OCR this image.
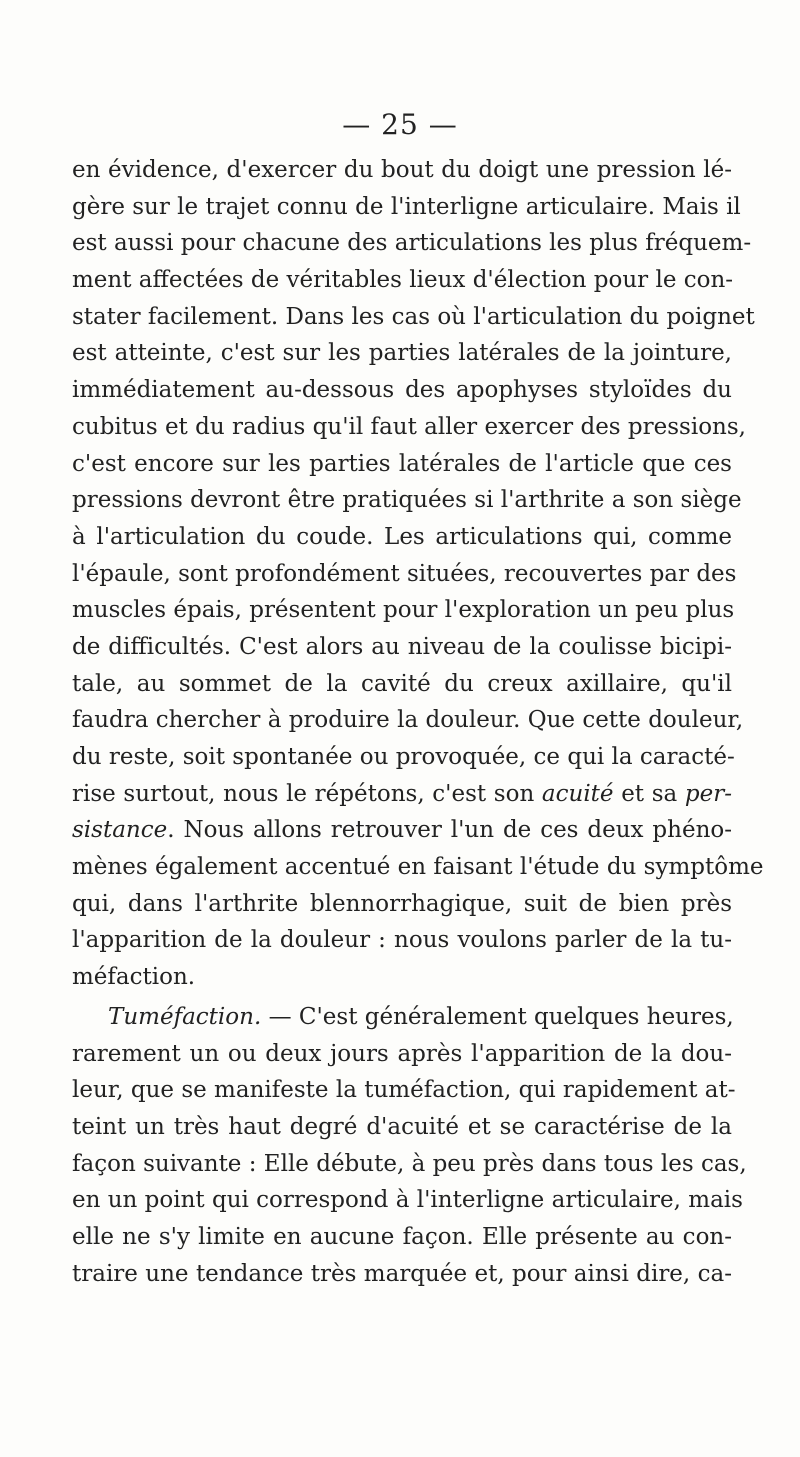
— 25 —
en évidence, d'exercer du bout du doigt une pression lé-
gère sur le trajet connu de l'interligne articulaire. Mais il
est aussi pour chacune des articulations les plus fréquem-
ment affectées de véritables lieux d'élection pour le con-
stater facilement. Dans les cas où l'articulation du poignet
est atteinte, c'est sur les parties latérales de la jointure,
immédiatement au-dessous des apophyses styloïdes du
cubitus et du radius qu'il faut aller exercer des pressions,
c'est encore sur les parties latérales de l'article que ces
pressions devront être pratiquées si l'arthrite a son siège
à l'articulation du coude. Les articulations qui, comme
l'épaule, sont profondément situées, recouvertes par des
muscles épais, présentent pour l'exploration un peu plus
de difficultés. C'est alors au niveau de la coulisse bicipi-
tale, au sommet de la cavité du creux axillaire, qu'il
faudra chercher à produire la douleur. Que cette douleur,
du reste, soit spontanée ou provoquée, ce qui la caracté-
rise surtout, nous le répétons, c'est son acuité et sa per-
sistance. Nous allons retrouver l'un de ces deux phéno-
mènes également accentué en faisant l'étude du symptôme
qui, dans l'arthrite blennorrhagique, suit de bien près
l'apparition de la douleur : nous voulons parler de la tu-
méfaction.
Tuméfaction. — C'est généralement quelques heures,
rarement un ou deux jours après l'apparition de la dou-
leur, que se manifeste la tuméfaction, qui rapidement at-
teint un très haut degré d'acuité et se caractérise de la
façon suivante : Elle débute, à peu près dans tous les cas,
en un point qui correspond à l'interligne articulaire, mais
elle ne s'y limite en aucune façon. Elle présente au con-
traire une tendance très marquée et, pour ainsi dire, ca-
